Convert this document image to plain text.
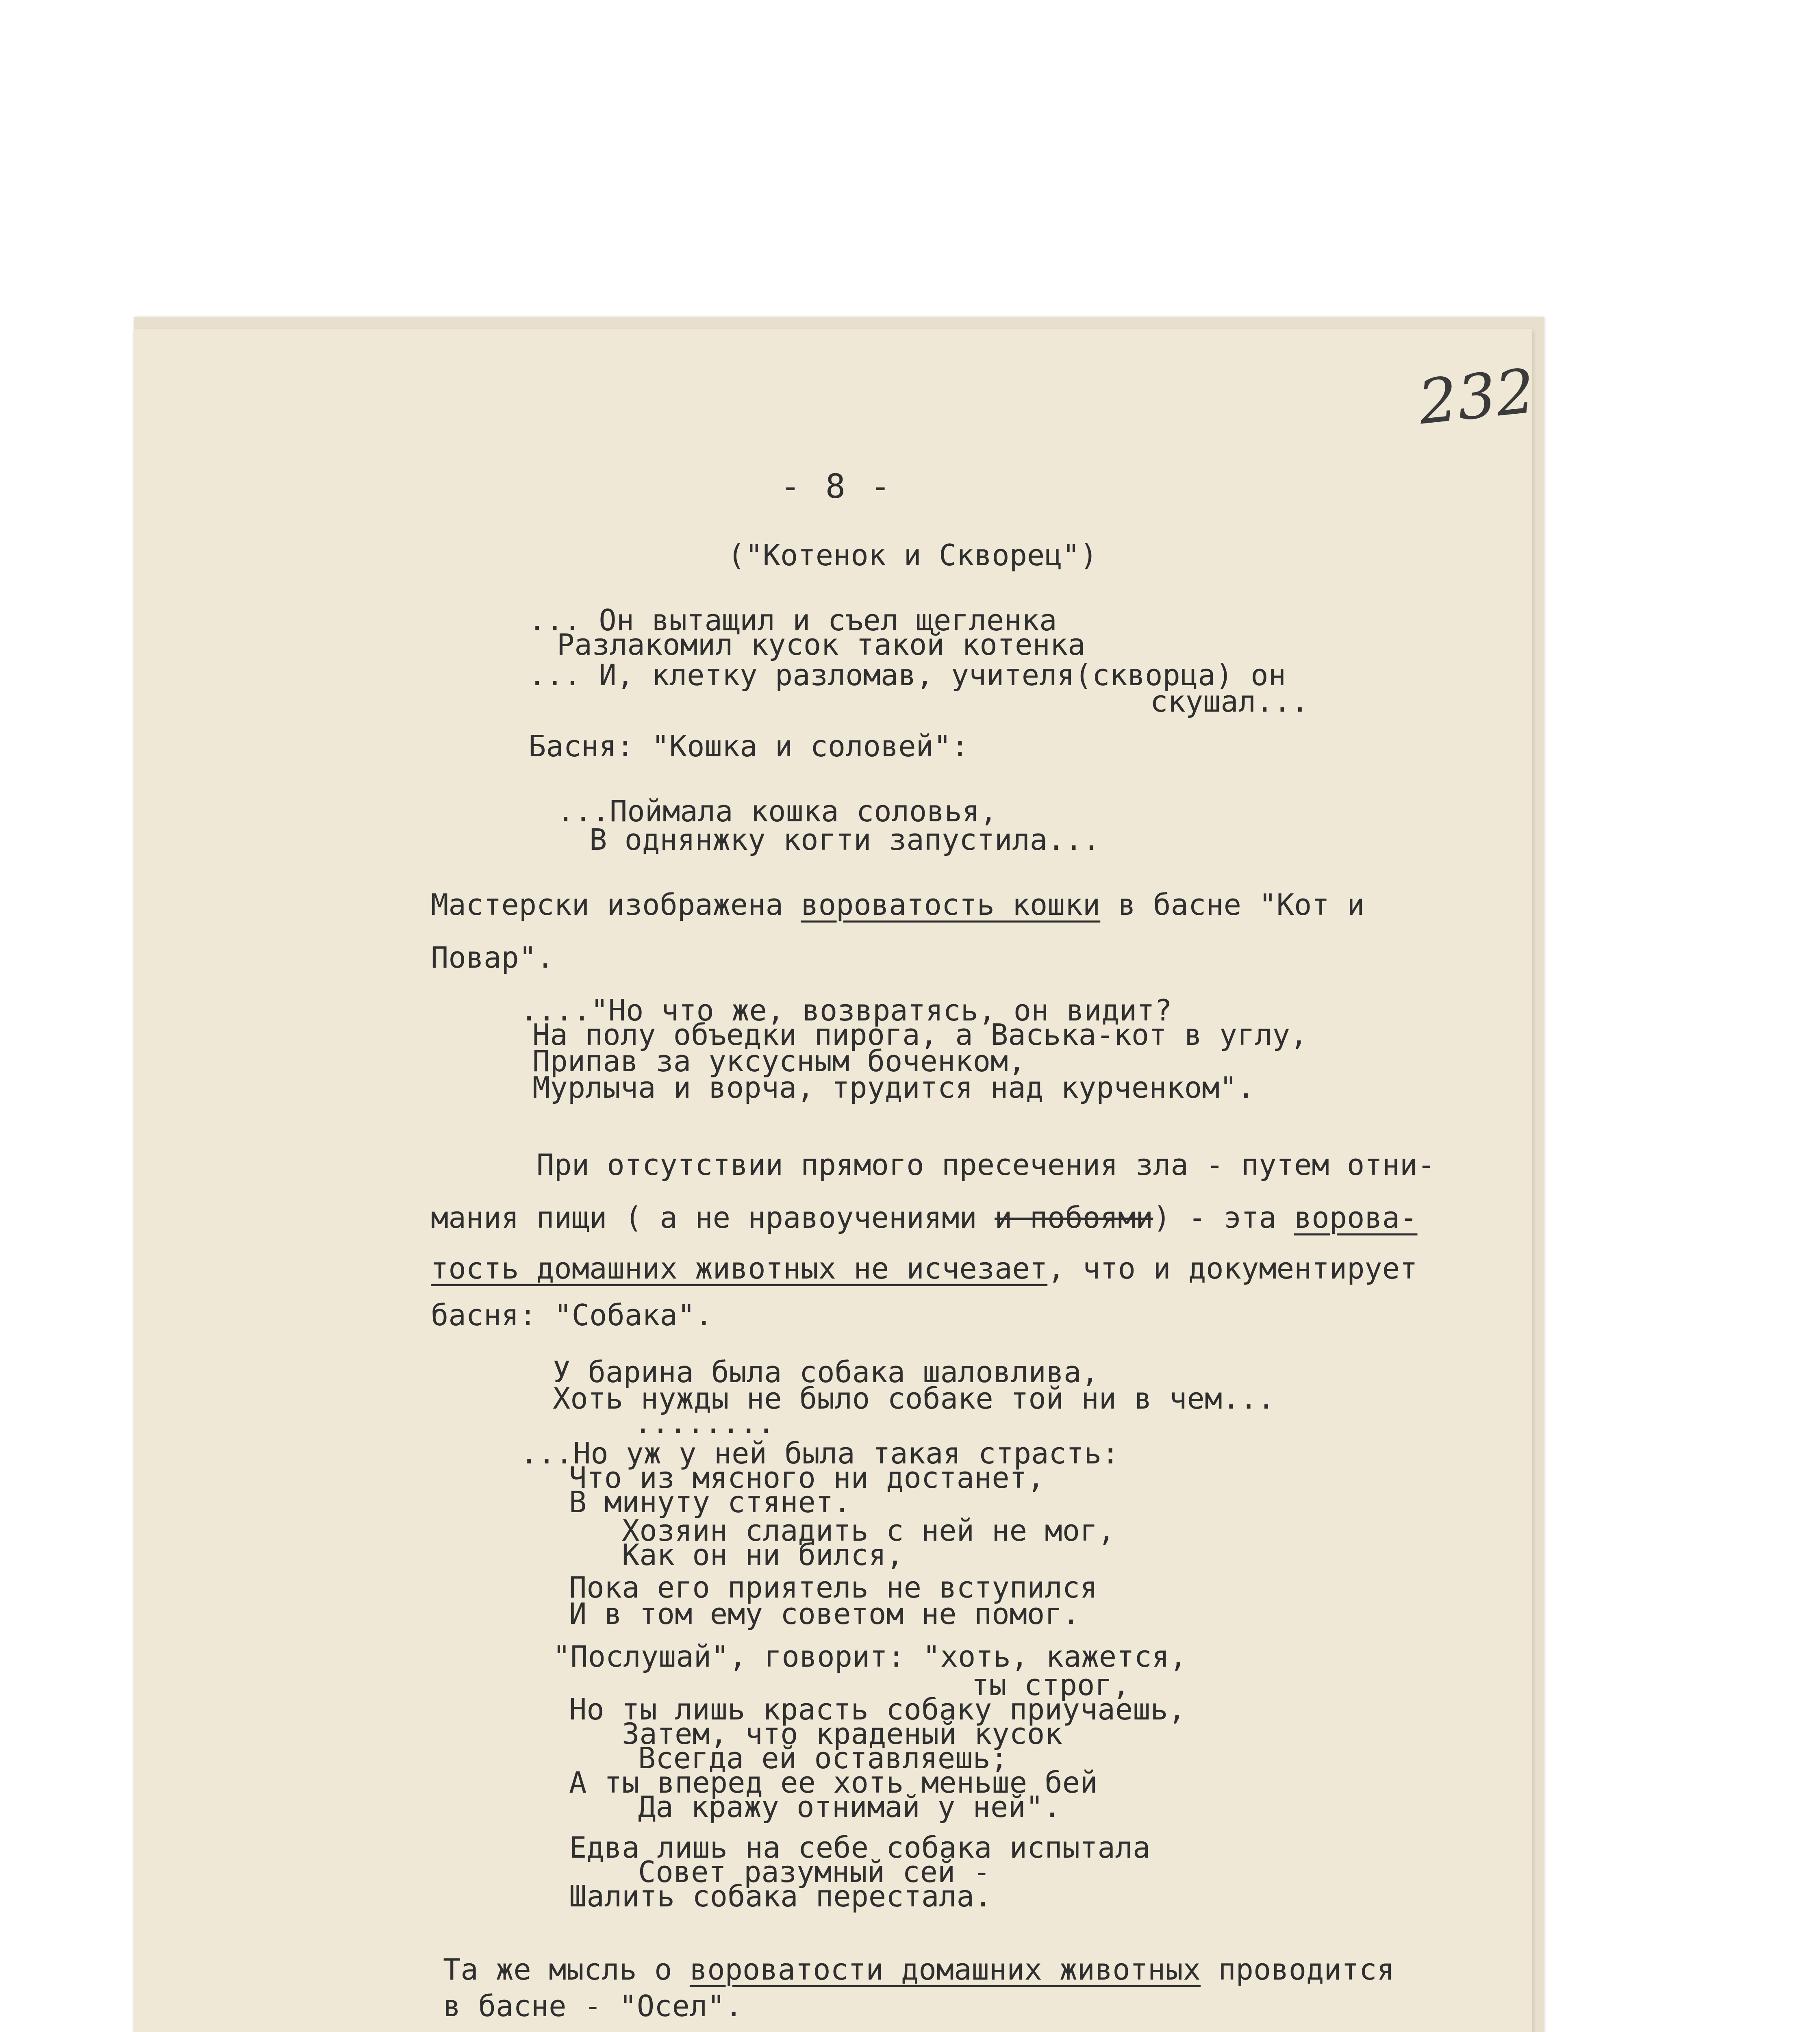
232
- 8 -
("Котенок и Скворец")
... Он вытащил и съел щегленка
Разлакомил кусок такой котенка
... И, клетку разломав, учителя(скворца) он
скушал...
Басня: "Кошка и соловей":
...Поймала кошка соловья,
В однянжку когти запустила...
Мастерски изображена вороватость кошки в басне "Кот и
Повар".
...."Но что же, возвратясь, он видит?
На полу объедки пирога, а Васька-кот в углу,
Припав за уксусным боченком,
Мурлыча и ворча, трудится над курченком".
При отсутствии прямого пресечения зла - путем отни-
мания пищи ( а не нравоучениями и побоями) - эта ворова-
тость домашних животных не исчезает, что и документирует
басня: "Собака".
У барина была собака шаловлива,
Хоть нужды не было собаке той ни в чем...
........
...Но уж у ней была такая страсть:
Что из мясного ни достанет,
В минуту стянет.
Хозяин сладить с ней не мог,
Как он ни бился,
Пока его приятель не вступился
И в том ему советом не помог.
"Послушай", говорит: "хоть, кажется,
ты строг,
Но ты лишь красть собаку приучаешь,
Затем, что краденый кусок
Всегда ей оставляешь;
А ты вперед ее хоть меньше бей
Да кражу отнимай у ней".
Едва лишь на себе собака испытала
Совет разумный сей -
Шалить собака перестала.
Та же мысль о вороватости домашних животных проводится
в басне - "Осел".
